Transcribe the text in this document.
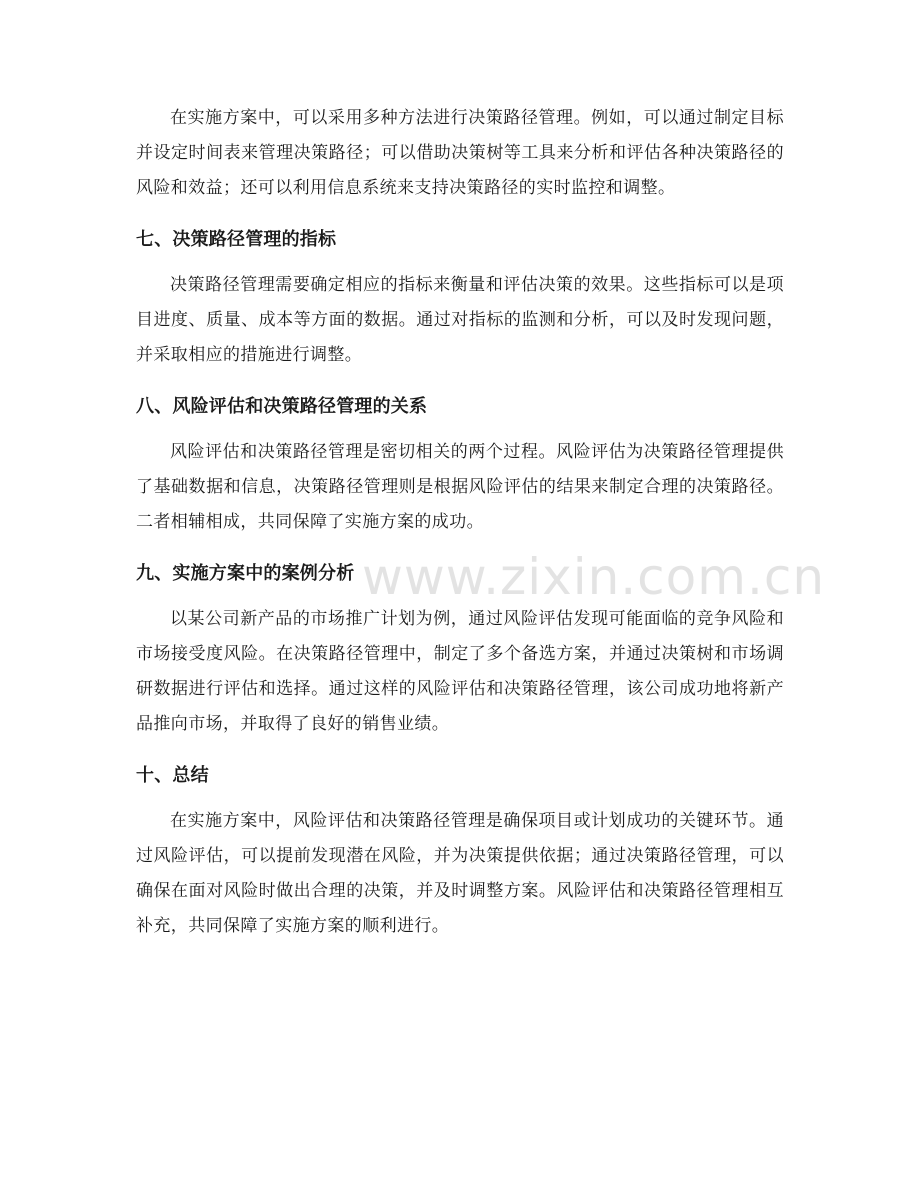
www.zixin.com.cn

在实施方案中，可以采用多种方法进行决策路径管理。例如，可以通过制定目标并设定时间表来管理决策路径；可以借助决策树等工具来分析和评估各种决策路径的风险和效益；还可以利用信息系统来支持决策路径的实时监控和调整。

七、决策路径管理的指标

决策路径管理需要确定相应的指标来衡量和评估决策的效果。这些指标可以是项目进度、质量、成本等方面的数据。通过对指标的监测和分析，可以及时发现问题，并采取相应的措施进行调整。

八、风险评估和决策路径管理的关系

风险评估和决策路径管理是密切相关的两个过程。风险评估为决策路径管理提供了基础数据和信息，决策路径管理则是根据风险评估的结果来制定合理的决策路径。二者相辅相成，共同保障了实施方案的成功。

九、实施方案中的案例分析

以某公司新产品的市场推广计划为例，通过风险评估发现可能面临的竞争风险和市场接受度风险。在决策路径管理中，制定了多个备选方案，并通过决策树和市场调研数据进行评估和选择。通过这样的风险评估和决策路径管理，该公司成功地将新产品推向市场，并取得了良好的销售业绩。

十、总结

在实施方案中，风险评估和决策路径管理是确保项目或计划成功的关键环节。通过风险评估，可以提前发现潜在风险，并为决策提供依据；通过决策路径管理，可以确保在面对风险时做出合理的决策，并及时调整方案。风险评估和决策路径管理相互补充，共同保障了实施方案的顺利进行。
